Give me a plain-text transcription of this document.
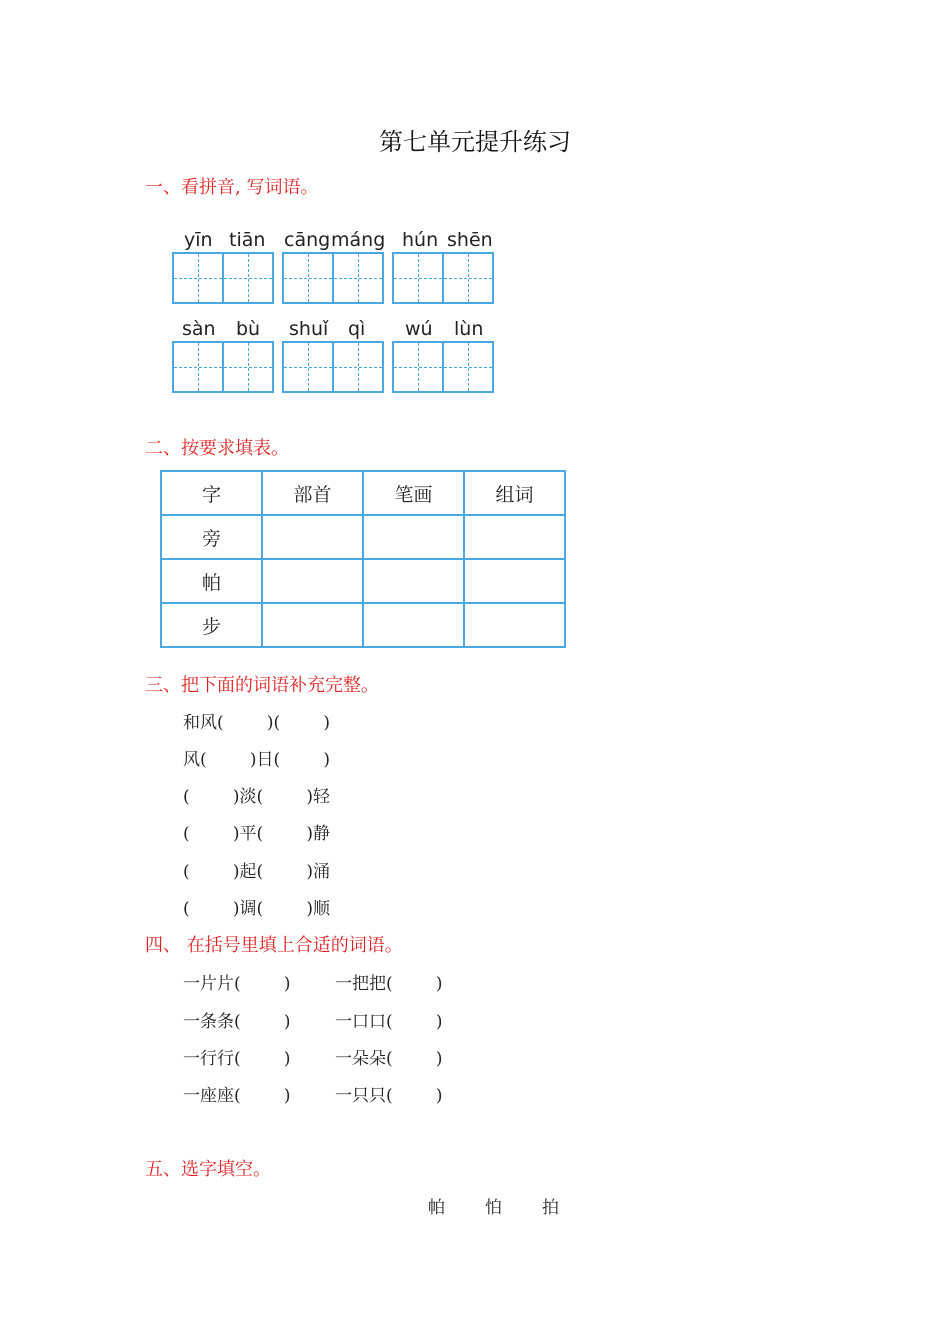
第七单元提升练习
一、看拼音, 写词语。
yīn tiān cāng máng hún shēn
sàn bù shuǐ qì wú lùn
二、按要求填表。
字	部首	笔画	组词
旁			
帕			
步			
三、把下面的词语补充完整。
和风(        )(        )
风(        )日(        )
(        )淡(        )轻
(        )平(        )静
(        )起(        )涌
(        )调(        )顺
四、 在括号里填上合适的词语。
一片片(        )	一把把(        )
一条条(        )	一口口(        )
一行行(        )	一朵朵(        )
一座座(        )	一只只(        )
五、选字填空。
帕 怕 拍
